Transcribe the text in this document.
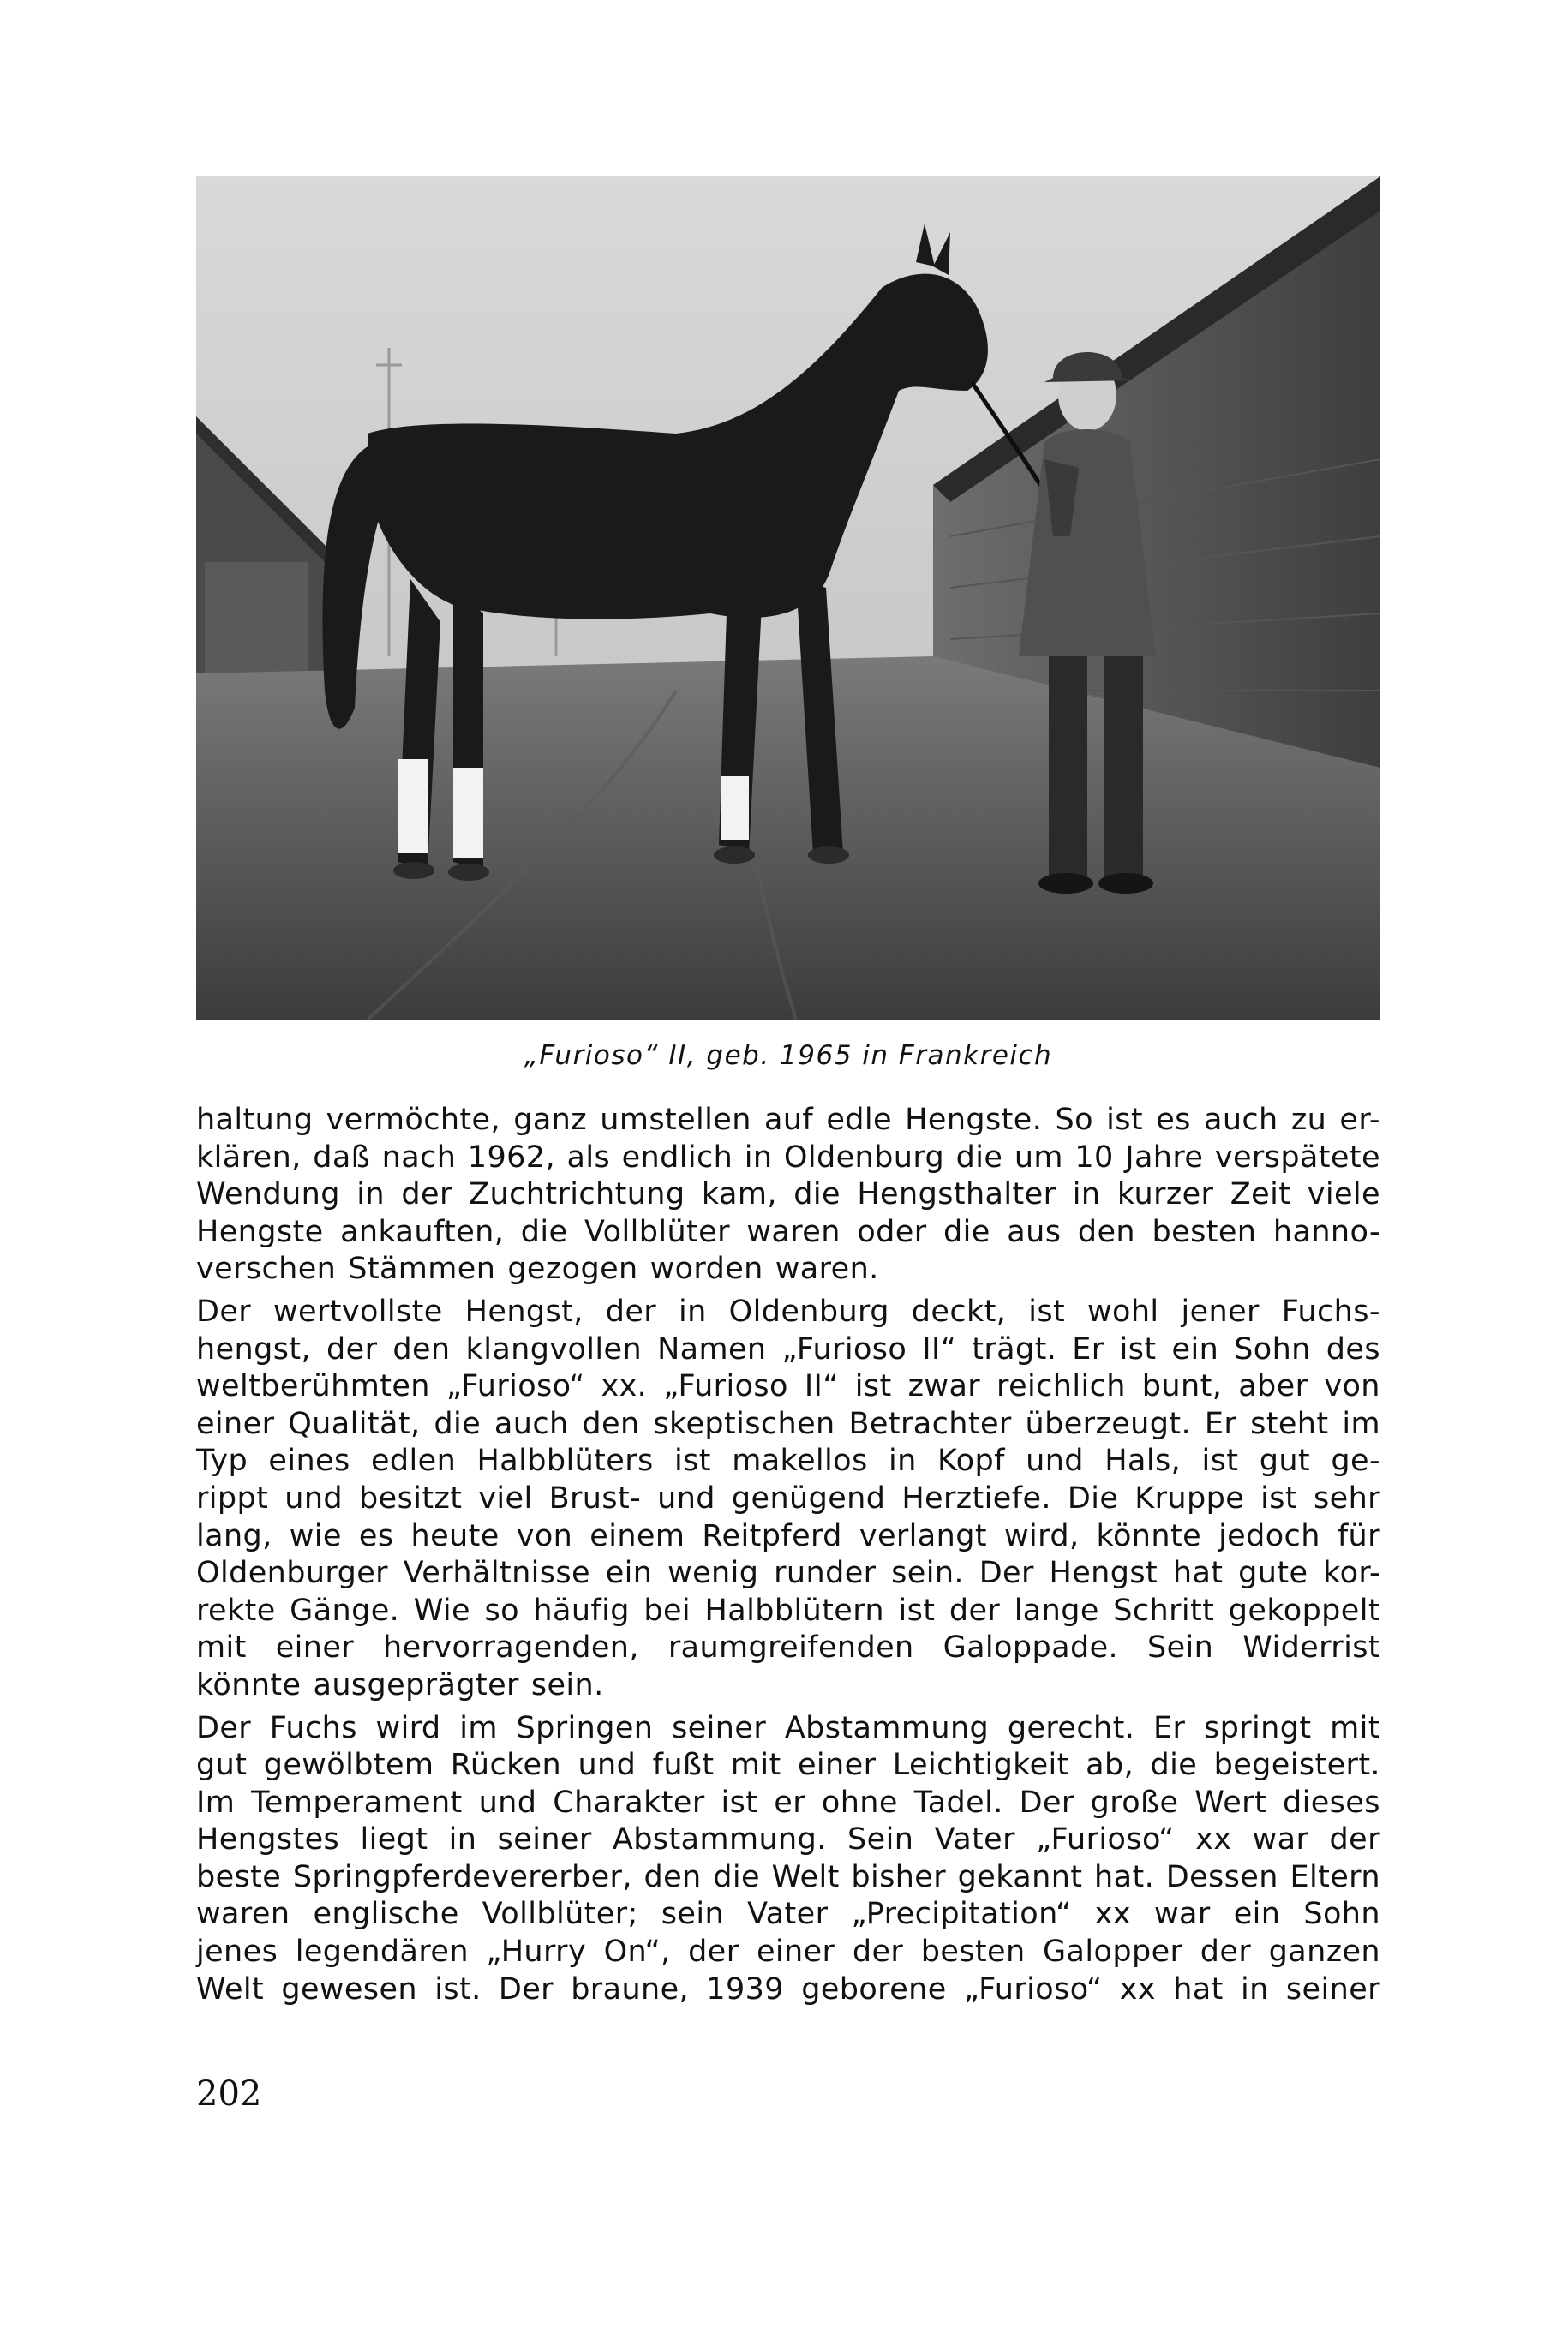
„Furioso“ II, geb. 1965 in Frankreich
haltung vermöchte, ganz umstellen auf edle Hengste. So ist es auch zu er-
klären, daß nach 1962, als endlich in Oldenburg die um 10 Jahre verspätete
Wendung in der Zuchtrichtung kam, die Hengsthalter in kurzer Zeit viele
Hengste ankauften, die Vollblüter waren oder die aus den besten hanno-
verschen Stämmen gezogen worden waren.
Der wertvollste Hengst, der in Oldenburg deckt, ist wohl jener Fuchs-
hengst, der den klangvollen Namen „Furioso II“ trägt. Er ist ein Sohn des
weltberühmten „Furioso“ xx. „Furioso II“ ist zwar reichlich bunt, aber von
einer Qualität, die auch den skeptischen Betrachter überzeugt. Er steht im
Typ eines edlen Halbblüters ist makellos in Kopf und Hals, ist gut ge-
rippt und besitzt viel Brust- und genügend Herztiefe. Die Kruppe ist sehr
lang, wie es heute von einem Reitpferd verlangt wird, könnte jedoch für
Oldenburger Verhältnisse ein wenig runder sein. Der Hengst hat gute kor-
rekte Gänge. Wie so häufig bei Halbblütern ist der lange Schritt gekoppelt
mit einer hervorragenden, raumgreifenden Galoppade. Sein Widerrist
könnte ausgeprägter sein.
Der Fuchs wird im Springen seiner Abstammung gerecht. Er springt mit
gut gewölbtem Rücken und fußt mit einer Leichtigkeit ab, die begeistert.
Im Temperament und Charakter ist er ohne Tadel. Der große Wert dieses
Hengstes liegt in seiner Abstammung. Sein Vater „Furioso“ xx war der
beste Springpferdevererber, den die Welt bisher gekannt hat. Dessen Eltern
waren englische Vollblüter; sein Vater „Precipitation“ xx war ein Sohn
jenes legendären „Hurry On“, der einer der besten Galopper der ganzen
Welt gewesen ist. Der braune, 1939 geborene „Furioso“ xx hat in seiner
202
